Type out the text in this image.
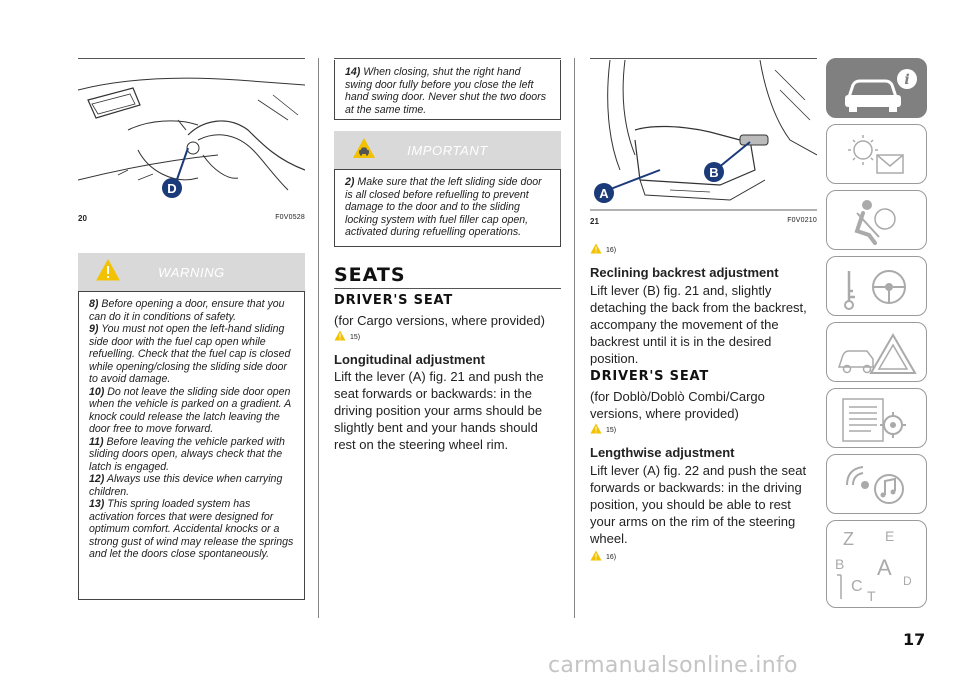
D
20	F0V0528
WARNING

8) Before opening a door, ensure that you can do it in conditions of safety.

9) You must not open the left-hand sliding side door with the fuel cap open while refuelling. Check that the fuel cap is closed while opening/closing the sliding side door to avoid damage.

10) Do not leave the sliding side door open when the vehicle is parked on a gradient. A knock could release the latch leaving the door free to move forward.

11) Before leaving the vehicle parked with sliding doors open, always check that the latch is engaged.

12) Always use this device when carrying children.

13) This spring loaded system has activation forces that were designed for optimum comfort. Accidental knocks or a strong gust of wind may release the springs and let the doors close spontaneously.

14) When closing, shut the right hand swing door fully before you close the left hand swing door. Never shut the two doors at the same time.

IMPORTANT

2) Make sure that the left sliding side door is all closed before refuelling to prevent damage to the door and to the sliding locking system with fuel filler cap open, activated during refuelling operations.

SEATS
DRIVER'S SEAT
(for Cargo versions, where provided)
15)
Longitudinal adjustment
Lift the lever (A) fig. 21 and push the seat forwards or backwards: in the driving position your arms should be slightly bent and your hands should rest on the steering wheel rim.
A
B
21	F0V0210
16)
Reclining backrest adjustment
Lift lever (B) fig. 21 and, slightly detaching the back from the backrest, accompany the movement of the backrest until it is in the desired position.
DRIVER'S SEAT
(for Doblò/Doblò Combi/Cargo versions, where provided)
15)
Lengthwise adjustment
Lift lever (A) fig. 22 and push the seat forwards or backwards: in the driving position, you should be able to rest your arms on the rim of the steering wheel.
16)
i
Z E
B A
C	D
T
17
carmanualsonline.info
